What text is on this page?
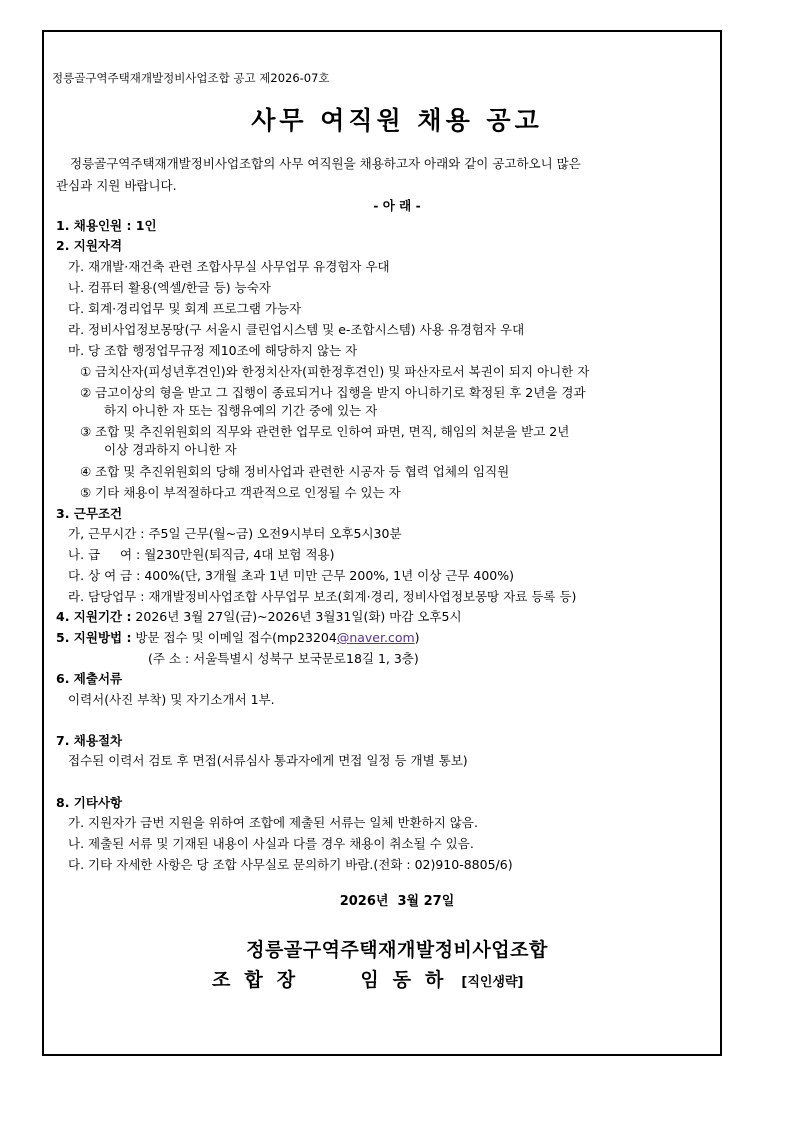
정릉골구역주택재개발정비사업조합 공고 제2026-07호
사무 여직원 채용 공고
정릉골구역주택재개발정비사업조합의 사무 여직원을 채용하고자 아래와 같이 공고하오니 많은
관심과 지원 바랍니다.
- 아 래 -
1. 채용인원 : 1인
2. 지원자격
가. 재개발·재건축 관련 조합사무실 사무업무 유경험자 우대
나. 컴퓨터 활용(엑셀/한글 등) 능숙자
다. 회계·경리업무 및 회계 프로그램 가능자
라. 정비사업정보몽땅(구 서울시 클린업시스템 및 e-조합시스템) 사용 유경험자 우대
마. 당 조합 행정업무규정 제10조에 해당하지 않는 자
① 금치산자(피성년후견인)와 한정치산자(피한정후견인) 및 파산자로서 복권이 되지 아니한 자
② 금고이상의 형을 받고 그 집행이 종료되거나 집행을 받지 아니하기로 확정된 후 2년을 경과
하지 아니한 자 또는 집행유예의 기간 중에 있는 자
③ 조합 및 추진위원회의 직무와 관련한 업무로 인하여 파면, 면직, 해임의 처분을 받고 2년
이상 경과하지 아니한 자
④ 조합 및 추진위원회의 당해 정비사업과 관련한 시공자 등 협력 업체의 임직원
⑤ 기타 채용이 부적절하다고 객관적으로 인정될 수 있는 자
3. 근무조건
가, 근무시간 : 주5일 근무(월~금) 오전9시부터 오후5시30분
나. 급     여 : 월230만원(퇴직금, 4대 보험 적용)
다. 상 여 금 : 400%(단, 3개월 초과 1년 미만 근무 200%, 1년 이상 근무 400%)
라. 담당업무 : 재개발정비사업조합 사무업무 보조(회계·경리, 정비사업정보몽땅 자료 등록 등)
4. 지원기간 : 2026년 3월 27일(금)~2026년 3월31일(화) 마감 오후5시
5. 지원방법 : 방문 접수 및 이메일 접수(mp23204@naver.com)
(주 소 : 서울특별시 성북구 보국문로18길 1, 3층)
6. 제출서류
이력서(사진 부착) 및 자기소개서 1부.
7. 채용절차
접수된 이력서 검토 후 면접(서류심사 통과자에게 면접 일정 등 개별 통보)
8. 기타사항
가. 지원자가 금번 지원을 위하여 조합에 제출된 서류는 일체 반환하지 않음.
나. 제출된 서류 및 기재된 내용이 사실과 다를 경우 채용이 취소될 수 있음.
다. 기타 자세한 사항은 당 조합 사무실로 문의하기 바람.(전화 : 02)910-8805/6)
2026년  3월 27일
정릉골구역주택재개발정비사업조합
조합장	임동하 [직인생략]
